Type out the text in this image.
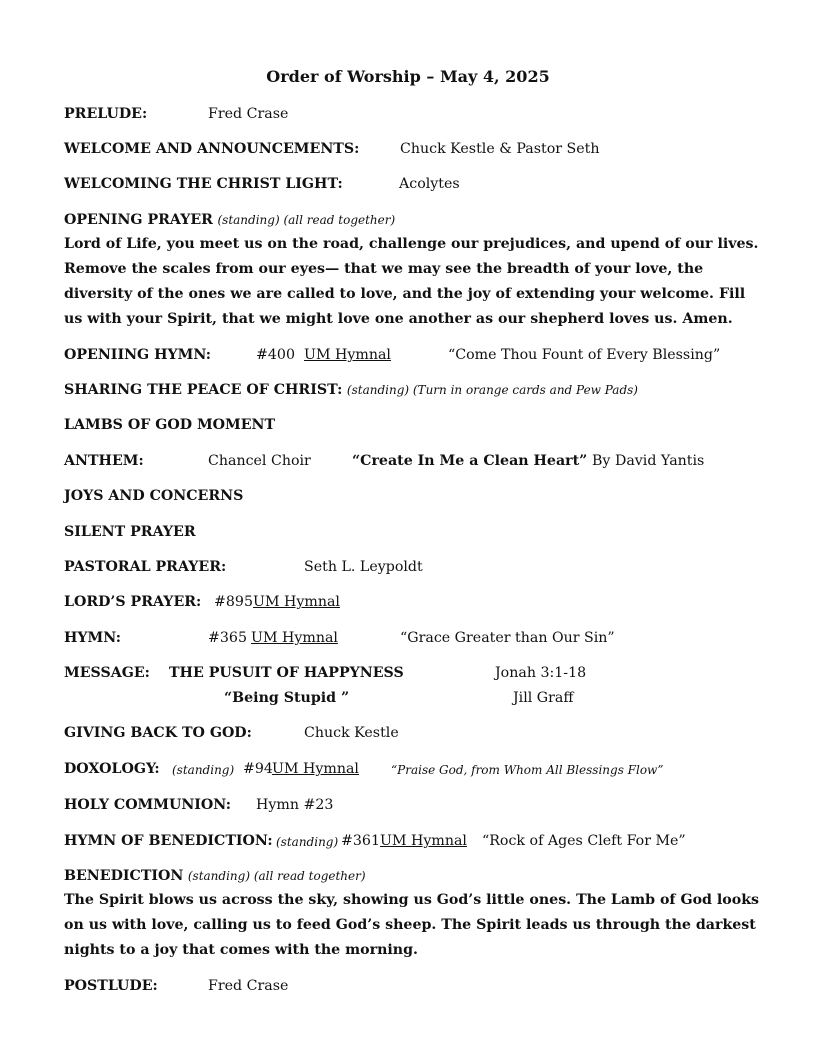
Order of Worship – May 4, 2025
PRELUDE:	Fred Crase
WELCOME AND ANNOUNCEMENTS:	Chuck Kestle & Pastor Seth
WELCOMING THE CHRIST LIGHT:	Acolytes
OPENING PRAYER (standing) (all read together)
Lord of Life, you meet us on the road, challenge our prejudices, and upend of our lives. Remove the scales from our eyes— that we may see the breadth of your love, the diversity of the ones we are called to love, and the joy of extending your welcome. Fill us with your Spirit, that we might love one another as our shepherd loves us. Amen.
OPENIING HYMN:	#400 UM Hymnal	“Come Thou Fount of Every Blessing”
SHARING THE PEACE OF CHRIST: (standing) (Turn in orange cards and Pew Pads)
LAMBS OF GOD MOMENT
ANTHEM:	Chancel Choir	“Create In Me a Clean Heart” By David Yantis
JOYS AND CONCERNS
SILENT PRAYER
PASTORAL PRAYER:	Seth L. Leypoldt
LORD’S PRAYER: #895 UM Hymnal
HYMN:	#365 UM Hymnal	“Grace Greater than Our Sin”
MESSAGE: THE PUSUIT OF HAPPYNESS	Jonah 3:1-18
“Being Stupid ”	Jill Graff
GIVING BACK TO GOD:	Chuck Kestle
DOXOLOGY: (standing) #94 UM Hymnal	“Praise God, from Whom All Blessings Flow”
HOLY COMMUNION: Hymn #23
HYMN OF BENEDICTION: (standing) #361 UM Hymnal “Rock of Ages Cleft For Me”
BENEDICTION (standing) (all read together)
The Spirit blows us across the sky, showing us God’s little ones. The Lamb of God looks on us with love, calling us to feed God’s sheep. The Spirit leads us through the darkest nights to a joy that comes with the morning.
POSTLUDE:	Fred Crase
